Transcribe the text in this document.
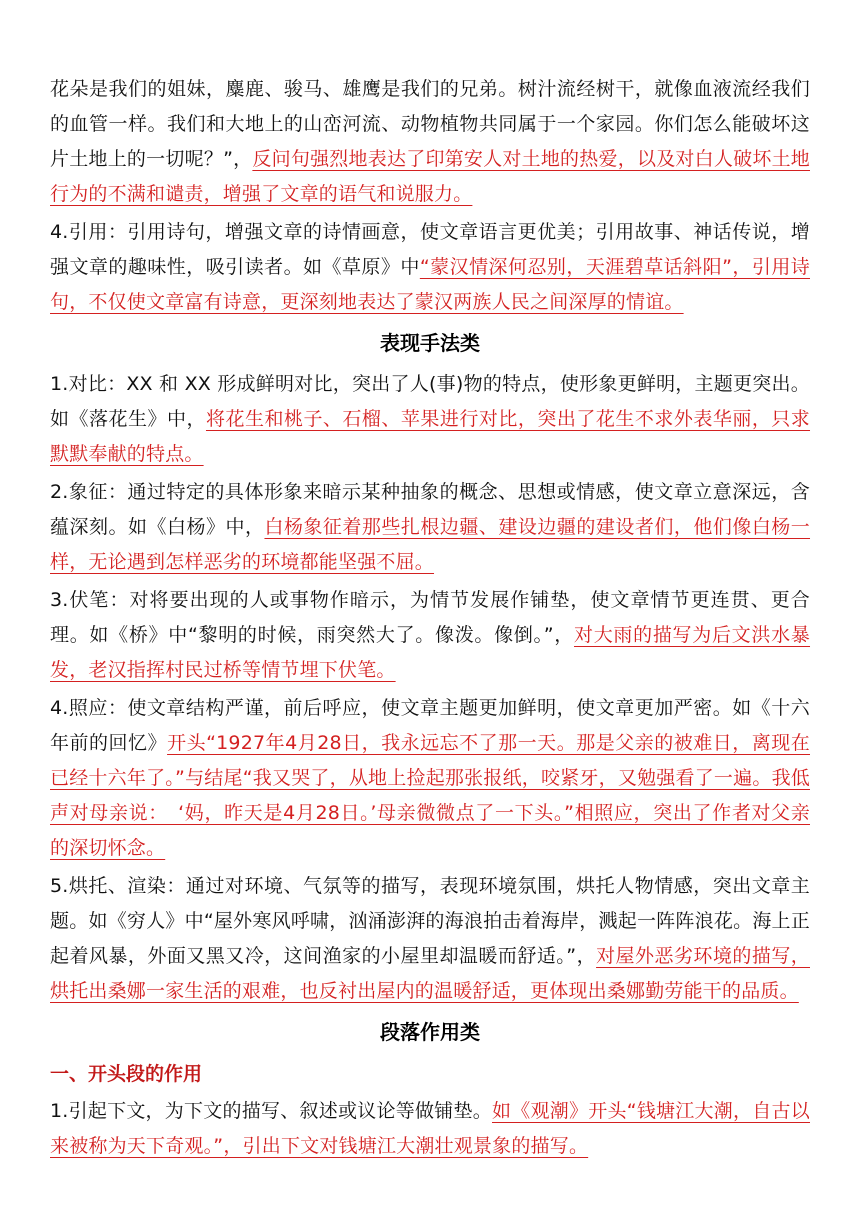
花朵是我们的姐妹，麋鹿、骏马、雄鹰是我们的兄弟。树汁流经树干，就像血液流经我们的血管一样。我们和大地上的山峦河流、动物植物共同属于一个家园。你们怎么能破坏这片土地上的一切呢？”，反问句强烈地表达了印第安人对土地的热爱，以及对白人破坏土地行为的不满和谴责，增强了文章的语气和说服力。

4.引用：引用诗句，增强文章的诗情画意，使文章语言更优美；引用故事、神话传说，增强文章的趣味性，吸引读者。如《草原》中“蒙汉情深何忍别，天涯碧草话斜阳”，引用诗句，不仅使文章富有诗意，更深刻地表达了蒙汉两族人民之间深厚的情谊。

表现手法类

1.对比：XX 和 XX 形成鲜明对比，突出了人(事)物的特点，使形象更鲜明，主题更突出。如《落花生》中，将花生和桃子、石榴、苹果进行对比，突出了花生不求外表华丽，只求默默奉献的特点。

2.象征：通过特定的具体形象来暗示某种抽象的概念、思想或情感，使文章立意深远，含蕴深刻。如《白杨》中，白杨象征着那些扎根边疆、建设边疆的建设者们，他们像白杨一样，无论遇到怎样恶劣的环境都能坚强不屈。

3.伏笔：对将要出现的人或事物作暗示，为情节发展作铺垫，使文章情节更连贯、更合理。如《桥》中“黎明的时候，雨突然大了。像泼。像倒。”，对大雨的描写为后文洪水暴发，老汉指挥村民过桥等情节埋下伏笔。

4.照应：使文章结构严谨，前后呼应，使文章主题更加鲜明，使文章更加严密。如《十六年前的回忆》开头“1927年4月28日，我永远忘不了那一天。那是父亲的被难日，离现在已经十六年了。”与结尾“我又哭了，从地上捡起那张报纸，咬紧牙，又勉强看了一遍。我低声对母亲说：　‘妈，昨天是4月28日。’母亲微微点了一下头。”相照应，突出了作者对父亲的深切怀念。

5.烘托、渲染：通过对环境、气氛等的描写，表现环境氛围，烘托人物情感，突出文章主题。如《穷人》中“屋外寒风呼啸，汹涌澎湃的海浪拍击着海岸，溅起一阵阵浪花。海上正起着风暴，外面又黑又冷，这间渔家的小屋里却温暖而舒适。”，对屋外恶劣环境的描写，烘托出桑娜一家生活的艰难，也反衬出屋内的温暖舒适，更体现出桑娜勤劳能干的品质。

段落作用类
一、开头段的作用

1.引起下文，为下文的描写、叙述或议论等做铺垫。如《观潮》开头“钱塘江大潮，自古以来被称为天下奇观。”，引出下文对钱塘江大潮壮观景象的描写。
